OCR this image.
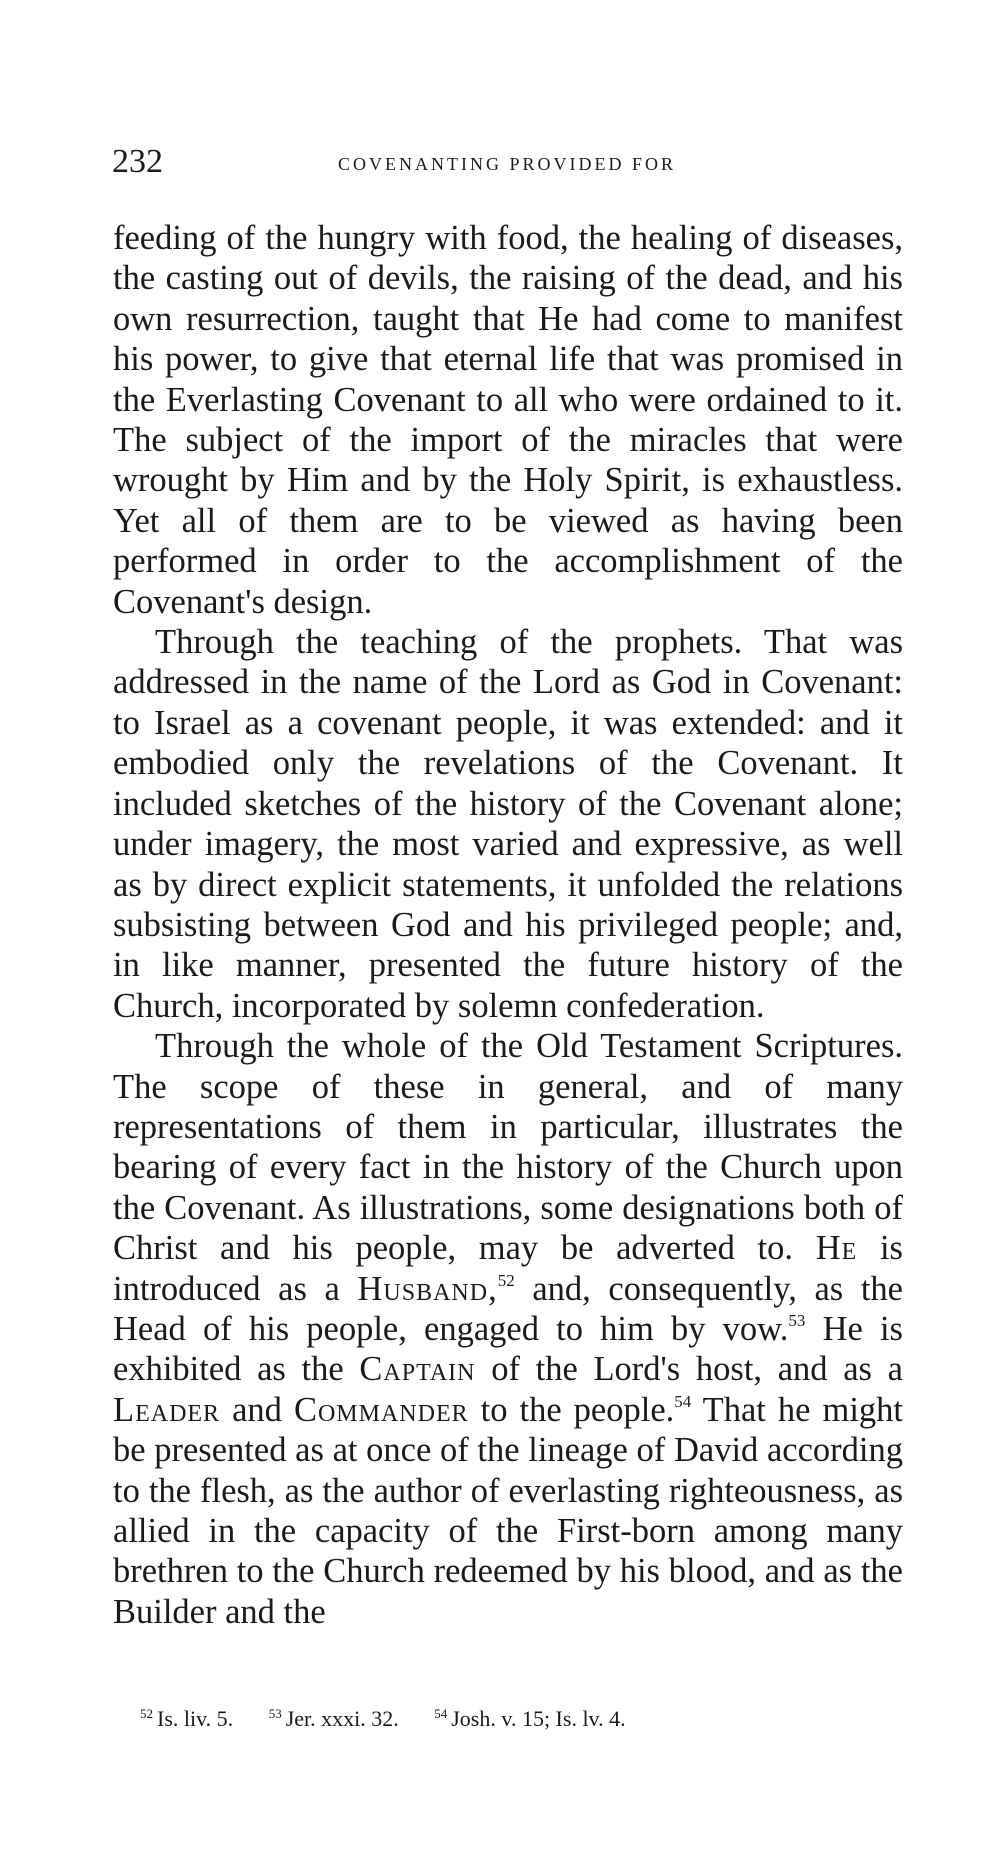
232	COVENANTING PROVIDED FOR

feeding of the hungry with food, the healing of diseases, the casting out of devils, the raising of the dead, and his own resurrection, taught that He had come to manifest his power, to give that eternal life that was promised in the Everlasting Covenant to all who were ordained to it. The subject of the import of the miracles that were wrought by Him and by the Holy Spirit, is exhaustless. Yet all of them are to be viewed as having been performed in order to the accomplishment of the Covenant's design.

Through the teaching of the prophets. That was addressed in the name of the Lord as God in Covenant: to Israel as a covenant people, it was extended: and it embodied only the revelations of the Covenant. It included sketches of the history of the Covenant alone; under imagery, the most varied and expressive, as well as by direct explicit statements, it unfolded the relations subsisting between God and his privileged people; and, in like manner, presented the future history of the Church, incorporated by solemn confederation.

Through the whole of the Old Testament Scriptures. The scope of these in general, and of many representations of them in particular, illustrates the bearing of every fact in the history of the Church upon the Covenant. As illustrations, some designations both of Christ and his people, may be adverted to. He is introduced as a Husband,$^{52}$ and, consequently, as the Head of his people, engaged to him by vow.$^{53}$ He is exhibited as the Captain of the Lord's host, and as a Leader and Commander to the people.$^{54}$ That he might be presented as at once of the lineage of David according to the flesh, as the author of everlasting righteousness, as allied in the capacity of the First-born among many brethren to the Church redeemed by his blood, and as the Builder and the

$^{52}$ Is. liv. 5.	$^{53}$ Jer. xxxi. 32.	$^{54}$ Josh. v. 15; Is. lv. 4.
